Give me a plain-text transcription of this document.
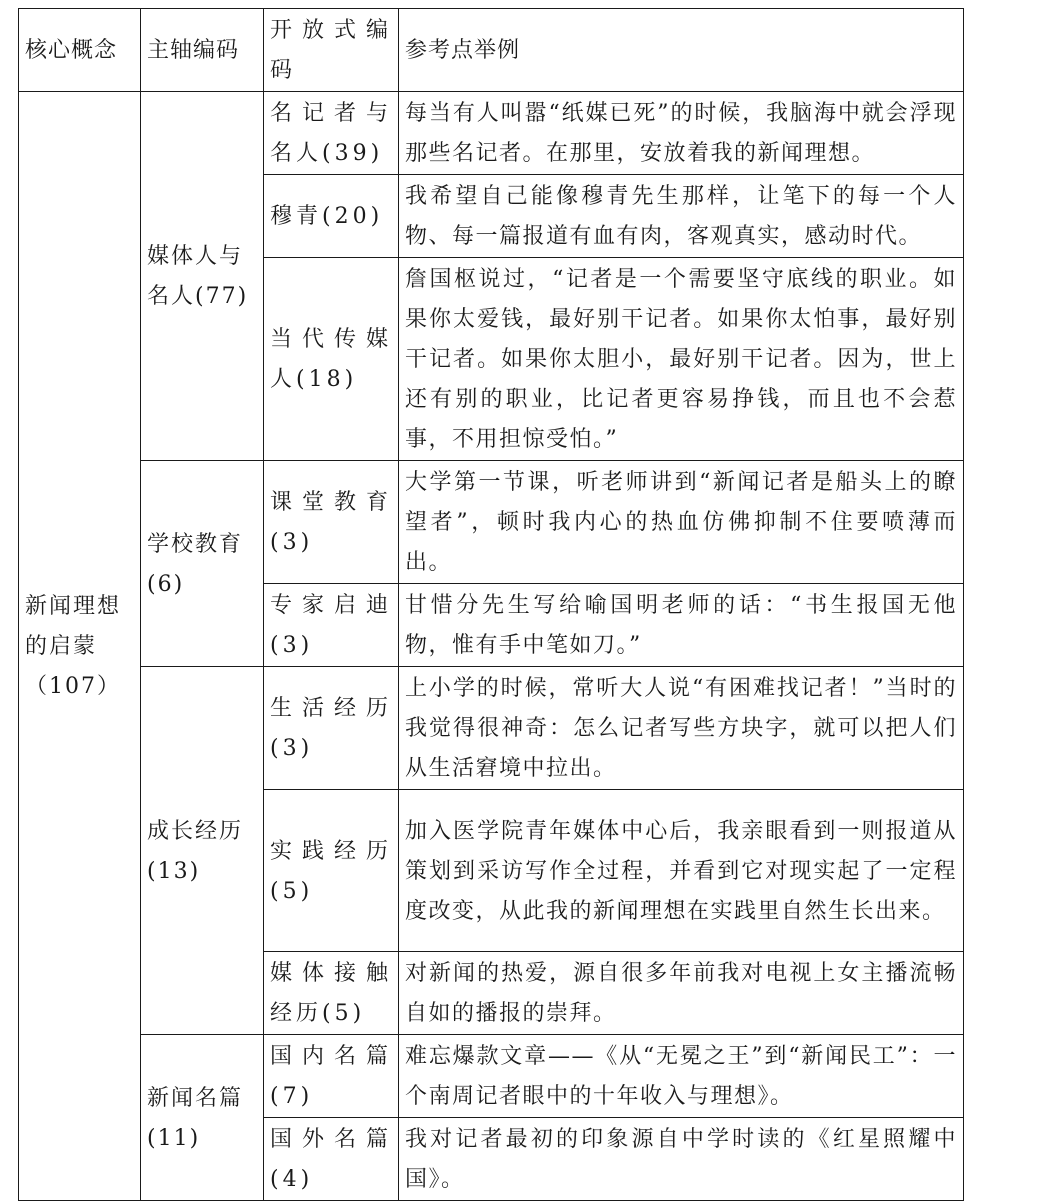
核心概念	主轴编码	开放式编码	参考点举例
新闻理想的启蒙（107）	媒体人与名人(77)	名记者与名人(39)	每当有人叫嚣“纸媒已死”的时候，我脑海中就会浮现那些名记者。在那里，安放着我的新闻理想。
		穆青(20)	我希望自己能像穆青先生那样，让笔下的每一个人物、每一篇报道有血有肉，客观真实，感动时代。
		当代传媒人(18)	詹国枢说过，“记者是一个需要坚守底线的职业。如果你太爱钱，最好别干记者。如果你太怕事，最好别干记者。如果你太胆小，最好别干记者。因为，世上还有别的职业，比记者更容易挣钱，而且也不会惹事，不用担惊受怕。”
	学校教育(6)	课堂教育(3)	大学第一节课，听老师讲到“新闻记者是船头上的瞭望者”，顿时我内心的热血仿佛抑制不住要喷薄而出。
		专家启迪(3)	甘惜分先生写给喻国明老师的话：“书生报国无他物，惟有手中笔如刀。”
	成长经历(13)	生活经历(3)	上小学的时候，常听大人说“有困难找记者！”当时的我觉得很神奇：怎么记者写些方块字，就可以把人们从生活窘境中拉出。
		实践经历(5)	加入医学院青年媒体中心后，我亲眼看到一则报道从策划到采访写作全过程，并看到它对现实起了一定程度改变，从此我的新闻理想在实践里自然生长出来。
		媒体接触经历(5)	对新闻的热爱，源自很多年前我对电视上女主播流畅自如的播报的崇拜。
	新闻名篇(11)	国内名篇(7)	难忘爆款文章——《从“无冕之王”到“新闻民工”：一个南周记者眼中的十年收入与理想》。
		国外名篇(4)	我对记者最初的印象源自中学时读的《红星照耀中国》。
